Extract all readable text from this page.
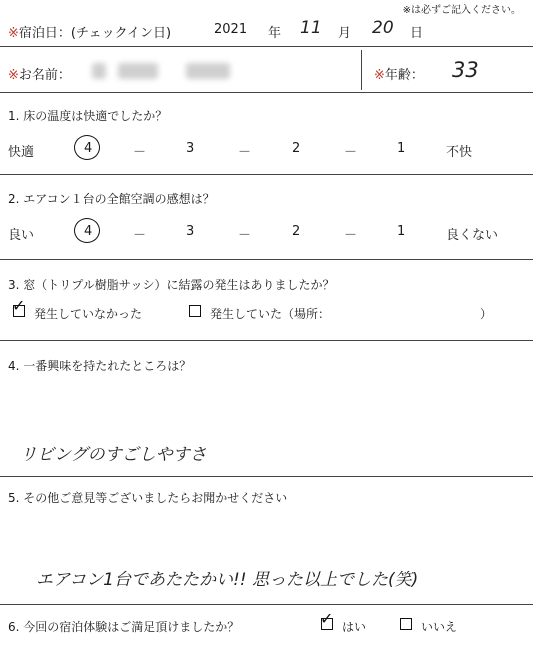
※は必ずご記入ください。
※宿泊日：(チェックイン日)	2021 年 11 月 20 日
※お名前：	※年齢： 33
1. 床の温度は快適でしたか？
快適	4	－	3	－	2	－	1	不快
2. エアコン１台の全館空調の感想は？
良い	4	－	3	－	2	－	1	良くない
3. 窓（トリプル樹脂サッシ）に結露の発生はありましたか？
✓ 発生していなかった	発生していた（場所：	）
4. 一番興味を持たれたところは？
リビングのすごしやすさ
5. その他ご意見等ございましたらお聞かせください
エアコン1台であたたかい!! 思った以上でした(笑)
6. 今回の宿泊体験はご満足頂けましたか？	✓ はい	いいえ
